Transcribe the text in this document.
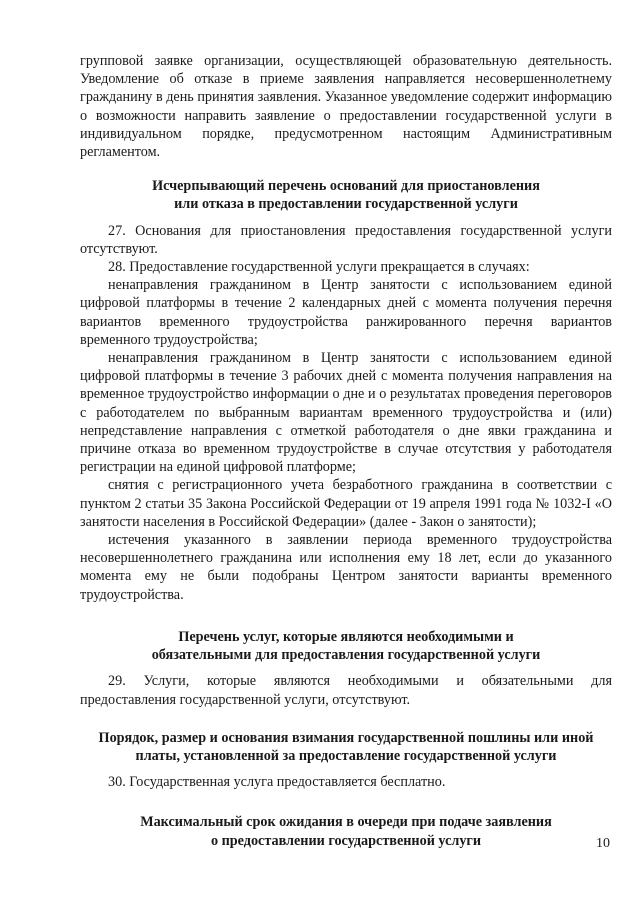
групповой заявке организации, осуществляющей образовательную деятельность. Уведомление об отказе в приеме заявления направляется несовершеннолетнему гражданину в день принятия заявления. Указанное уведомление содержит информацию о возможности направить заявление о предоставлении государственной услуги в индивидуальном порядке, предусмотренном настоящим Административным регламентом.

Исчерпывающий перечень оснований для приостановления
или отказа в предоставлении государственной услуги

27. Основания для приостановления предоставления государственной услуги отсутствуют.

28. Предоставление государственной услуги прекращается в случаях:

ненаправления гражданином в Центр занятости с использованием единой цифровой платформы в течение 2 календарных дней с момента получения перечня вариантов временного трудоустройства ранжированного перечня вариантов временного трудоустройства;

ненаправления гражданином в Центр занятости с использованием единой цифровой платформы в течение 3 рабочих дней с момента получения направления на временное трудоустройство информации о дне и о результатах проведения переговоров с работодателем по выбранным вариантам временного трудоустройства и (или) непредставление направления с отметкой работодателя о дне явки гражданина и причине отказа во временном трудоустройстве в случае отсутствия у работодателя регистрации на единой цифровой платформе;

снятия с регистрационного учета безработного гражданина в соответствии с пунктом 2 статьи 35 Закона Российской Федерации от 19 апреля 1991 года № 1032-I «О занятости населения в Российской Федерации» (далее - Закон о занятости);

истечения указанного в заявлении периода временного трудоустройства несовершеннолетнего гражданина или исполнения ему 18 лет, если до указанного момента ему не были подобраны Центром занятости варианты временного трудоустройства.

Перечень услуг, которые являются необходимыми и
обязательными для предоставления государственной услуги

29. Услуги, которые являются необходимыми и обязательными для предоставления государственной услуги, отсутствуют.

Порядок, размер и основания взимания государственной пошлины или иной
платы, установленной за предоставление государственной услуги

30. Государственная услуга предоставляется бесплатно.

Максимальный срок ожидания в очереди при подаче заявления
о предоставлении государственной услуги	10
